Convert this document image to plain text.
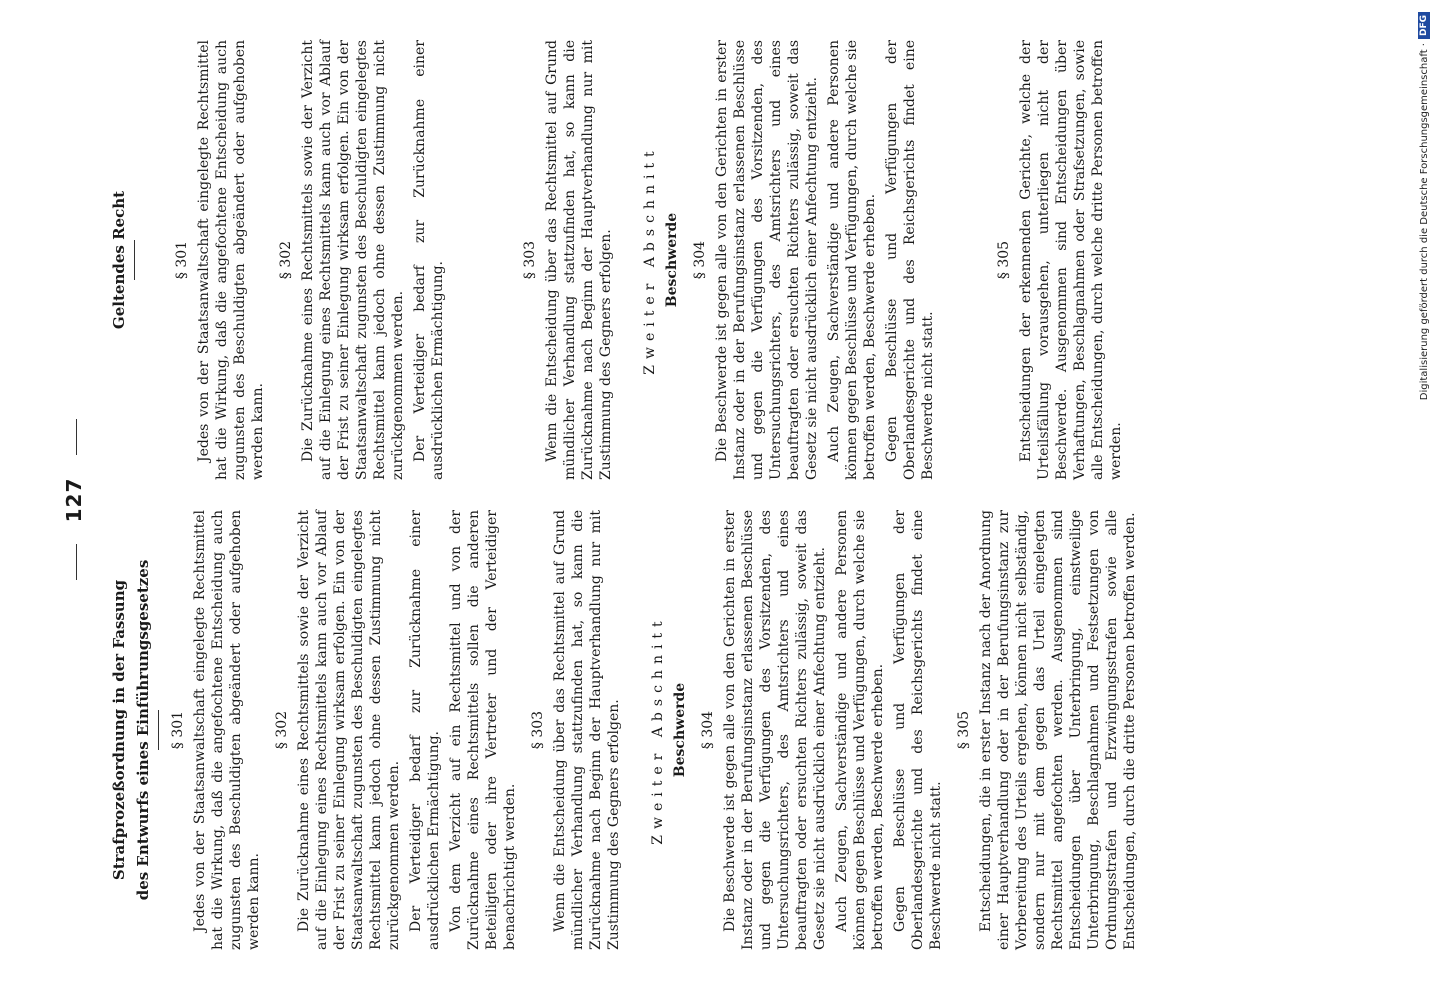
127
Strafprozeßordnung in der Fassung des Entwurfs eines Einführungsgesetzes § 301 Jedes von der Staatsanwaltschaft eingelegte Rechtsmittel hat die Wirkung, daß die angefochtene Entscheidung auch zugunsten des Beschuldigten abgeändert oder aufgehoben werden kann.

§ 302 Die Zurücknahme eines Rechtsmittels sowie der Verzicht auf die Einlegung eines Rechtsmittels kann auch vor Ablauf der Frist zu seiner Einlegung wirksam erfolgen. Ein von der Staatsanwaltschaft zugunsten des Beschuldigten eingelegtes Rechtsmittel kann jedoch ohne dessen Zustimmung nicht zurückgenommen werden. Der Verteidiger bedarf zur Zurücknahme einer ausdrücklichen Ermächtigung. Von dem Verzicht auf ein Rechtsmittel und von der Zurücknahme eines Rechtsmittels sollen die anderen Beteiligten oder ihre Vertreter und der Verteidiger benachrichtigt werden.

§ 303 Wenn die Entscheidung über das Rechtsmittel auf Grund mündlicher Verhandlung stattzufinden hat, so kann die Zurücknahme nach Beginn der Hauptverhandlung nur mit Zustimmung des Gegners erfolgen. Zweiter Abschnitt Beschwerde § 304 Die Beschwerde ist gegen alle von den Gerichten in erster Instanz oder in der Berufungsinstanz erlassenen Beschlüsse und gegen die Verfügungen des Vorsitzenden, des Untersuchungsrichters, des Amtsrichters und eines beauftragten oder ersuchten Richters zulässig, soweit das Gesetz sie nicht ausdrücklich einer Anfechtung entzieht. Auch Zeugen, Sachverständige und andere Personen können gegen Beschlüsse und Verfügungen, durch welche sie betroffen werden, Beschwerde erheben. Gegen Beschlüsse und Verfügungen der Oberlandesgerichte und des Reichsgerichts findet eine Beschwerde nicht statt.

§ 305 Entscheidungen, die in erster Instanz nach der Anordnung einer Hauptverhandlung oder in der Berufungsinstanz zur Vorbereitung des Urteils ergehen, können nicht selbständig, sondern nur mit dem gegen das Urteil eingelegten Rechtsmittel angefochten werden. Ausgenommen sind Entscheidungen über Unterbringung, einstweilige Unterbringung, Beschlagnahmen und Festsetzungen von Ordnungsstrafen und Erzwingungsstrafen sowie alle Entscheidungen, durch die dritte Personen betroffen werden.

Geltendes Recht	§ 301 Jedes von der Staatsanwaltschaft eingelegte Rechtsmittel hat die Wirkung, daß die angefochtene Entscheidung auch zugunsten des Beschuldigten abgeändert oder aufgehoben werden kann.

§ 302 Die Zurücknahme eines Rechtsmittels sowie der Verzicht auf die Einlegung eines Rechtsmittels kann auch vor Ablauf der Frist zu seiner Einlegung wirksam erfolgen. Ein von der Staatsanwaltschaft zugunsten des Beschuldigten eingelegtes Rechtsmittel kann jedoch ohne dessen Zustimmung nicht zurückgenommen werden. Der Verteidiger bedarf zur Zurücknahme einer ausdrücklichen Ermächtigung.

§ 303 Wenn die Entscheidung über das Rechtsmittel auf Grund mündlicher Verhandlung stattzufinden hat, so kann die Zurücknahme nach Beginn der Hauptverhandlung nur mit Zustimmung des Gegners erfolgen. Zweiter Abschnitt Beschwerde § 304 Die Beschwerde ist gegen alle von den Gerichten in erster Instanz oder in der Berufungsinstanz erlassenen Beschlüsse und gegen die Verfügungen des Vorsitzenden, des Untersuchungsrichters, des Amtsrichters und eines beauftragten oder ersuchten Richters zulässig, soweit das Gesetz sie nicht ausdrücklich einer Anfechtung entzieht. Auch Zeugen, Sachverständige und andere Personen können gegen Beschlüsse und Verfügungen, durch welche sie betroffen werden, Beschwerde erheben. Gegen Beschlüsse und Verfügungen der Oberlandesgerichte und des Reichsgerichts findet eine Beschwerde nicht statt.

§ 305 Entscheidungen der erkennenden Gerichte, welche der Urteilsfällung vorausgehen, unterliegen nicht der Beschwerde. Ausgenommen sind Entscheidungen über Verhaftungen, Beschlagnahmen oder Strafsetzungen, sowie alle Entscheidungen, durch welche dritte Personen betroffen werden.

Digitalisierung gefördert durch die Deutsche Forschungsgemeinschaft ·
DFG
